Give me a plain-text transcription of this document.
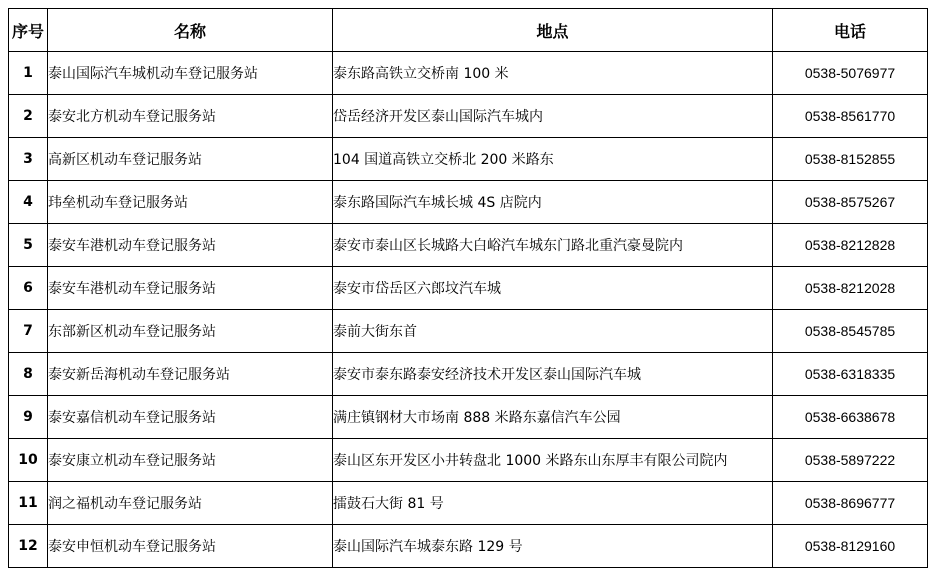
序号	名称	地点	电话
1	泰山国际汽车城机动车登记服务站	泰东路高铁立交桥南 100 米	0538-5076977
2	泰安北方机动车登记服务站	岱岳经济开发区泰山国际汽车城内	0538-8561770
3	高新区机动车登记服务站	104 国道高铁立交桥北 200 米路东	0538-8152855
4	玮垒机动车登记服务站	泰东路国际汽车城长城 4S 店院内	0538-8575267
5	泰安车港机动车登记服务站	泰安市泰山区长城路大白峪汽车城东门路北重汽豪曼院内	0538-8212828
6	泰安车港机动车登记服务站	泰安市岱岳区六郎坟汽车城	0538-8212028
7	东部新区机动车登记服务站	泰前大街东首	0538-8545785
8	泰安新岳海机动车登记服务站	泰安市泰东路泰安经济技术开发区泰山国际汽车城	0538-6318335
9	泰安嘉信机动车登记服务站	满庄镇钢材大市场南 888 米路东嘉信汽车公园	0538-6638678
10	泰安康立机动车登记服务站	泰山区东开发区小井转盘北 1000 米路东山东厚丰有限公司院内	0538-5897222
11	润之福机动车登记服务站	擂鼓石大街 81 号	0538-8696777
12	泰安申恒机动车登记服务站	泰山国际汽车城泰东路 129 号	0538-8129160
